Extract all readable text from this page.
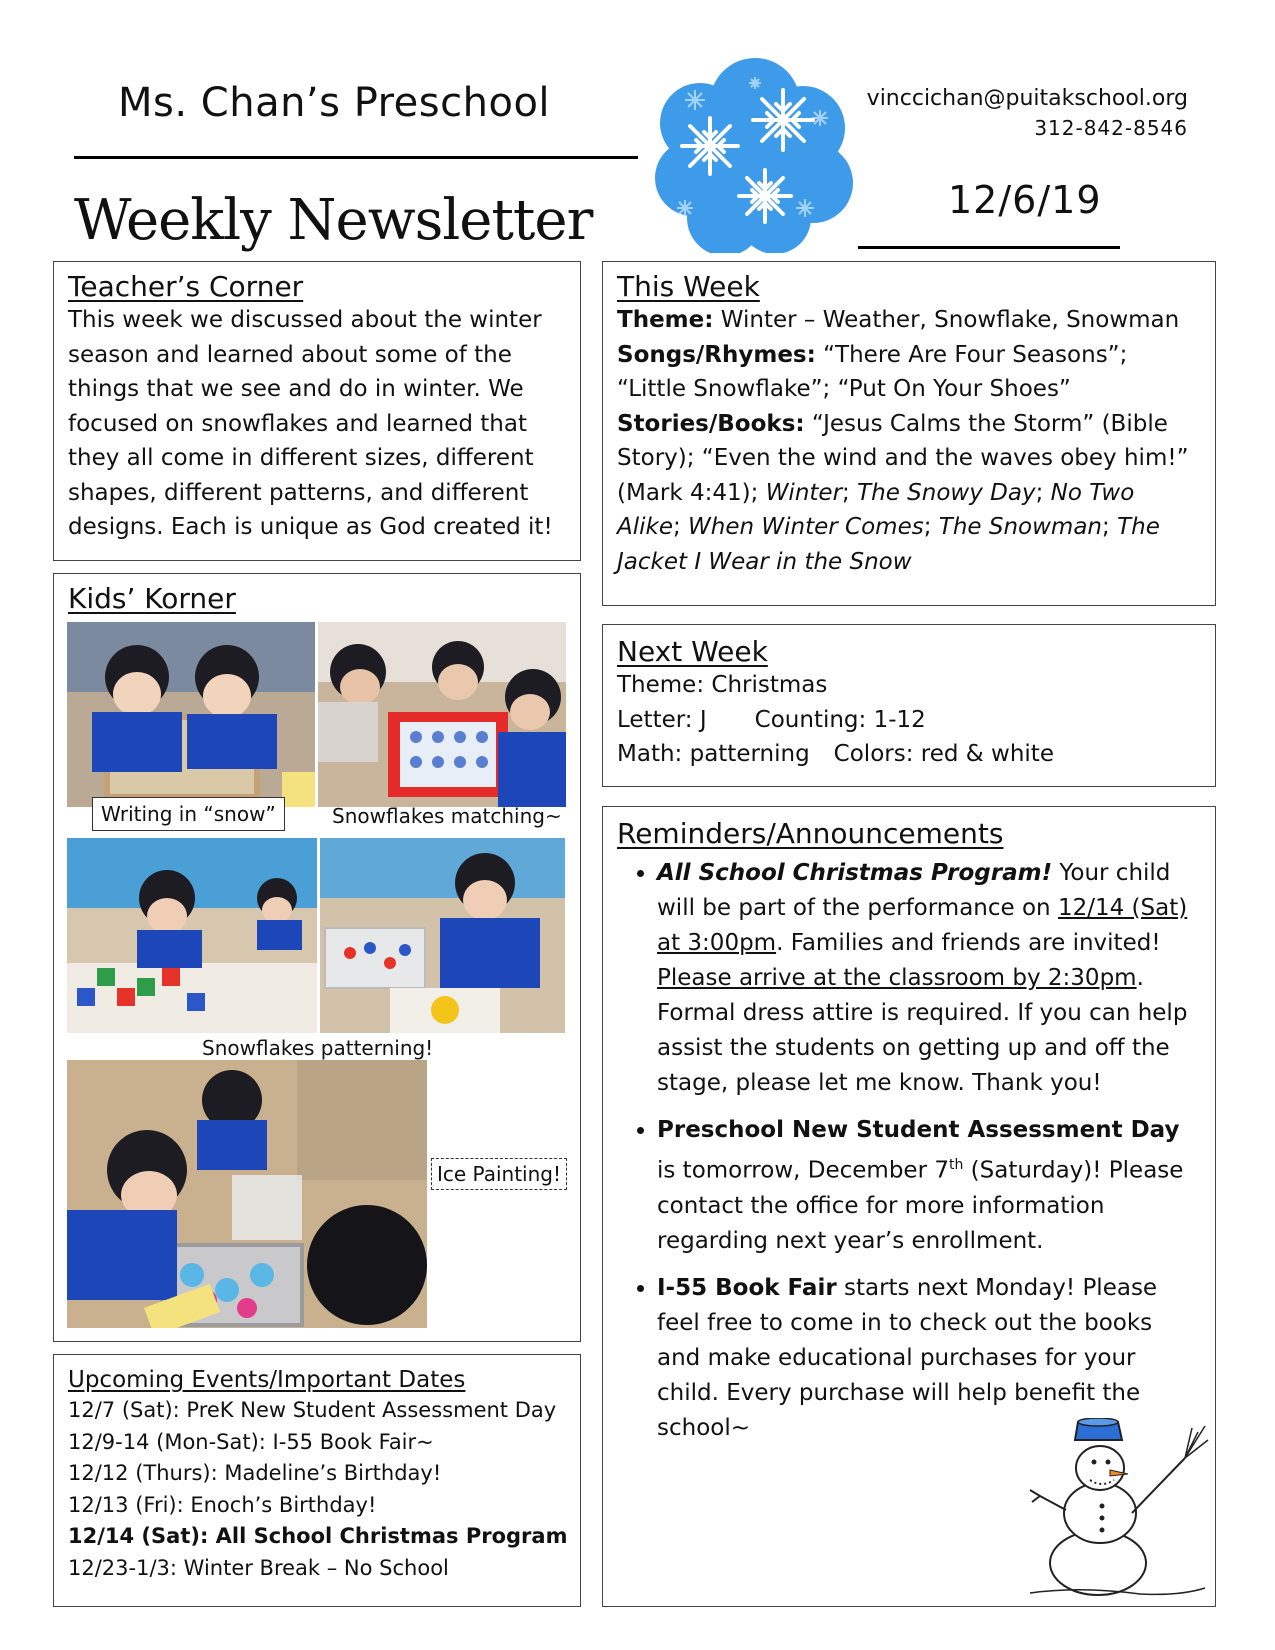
Ms. Chan’s Preschool
Weekly Newsletter
vinccichan@puitakschool.org
312-842-8546
12/6/19
Teacher’s Corner

This week we discussed about the winter season and learned about some of the things that we see and do in winter. We focused on snowflakes and learned that they all come in different sizes, different shapes, different patterns, and different designs. Each is unique as God created it!

Kids’ Korner
Writing in “snow”	Snowflakes matching~
Snowflakes patterning!
Ice Painting!
Upcoming Events/Important Dates
12/7 (Sat): PreK New Student Assessment Day
12/9-14 (Mon-Sat): I-55 Book Fair~
12/12 (Thurs): Madeline’s Birthday!
12/13 (Fri): Enoch’s Birthday!
12/14 (Sat): All School Christmas Program
12/23-1/3: Winter Break – No School
This Week

Theme: Winter – Weather, Snowflake, Snowman

Songs/Rhymes: “There Are Four Seasons”; “Little Snowflake”; “Put On Your Shoes”

Stories/Books: “Jesus Calms the Storm” (Bible Story); “Even the wind and the waves obey him!” (Mark 4:41); Winter; The Snowy Day; No Two Alike; When Winter Comes; The Snowman; The Jacket I Wear in the Snow

Next Week

Theme: Christmas

Letter: J Counting: 1-12

Math: patterning Colors: red & white

Reminders/Announcements
• All School Christmas Program! Your child will be part of the performance on 12/14 (Sat) at 3:00pm. Families and friends are invited! Please arrive at the classroom by 2:30pm. Formal dress attire is required. If you can help assist the students on getting up and off the stage, please let me know. Thank you!
• Preschool New Student Assessment Day is tomorrow, December 7th (Saturday)! Please contact the office for more information regarding next year’s enrollment.
• I-55 Book Fair starts next Monday! Please feel free to come in to check out the books and make educational purchases for your child. Every purchase will help benefit the school~
